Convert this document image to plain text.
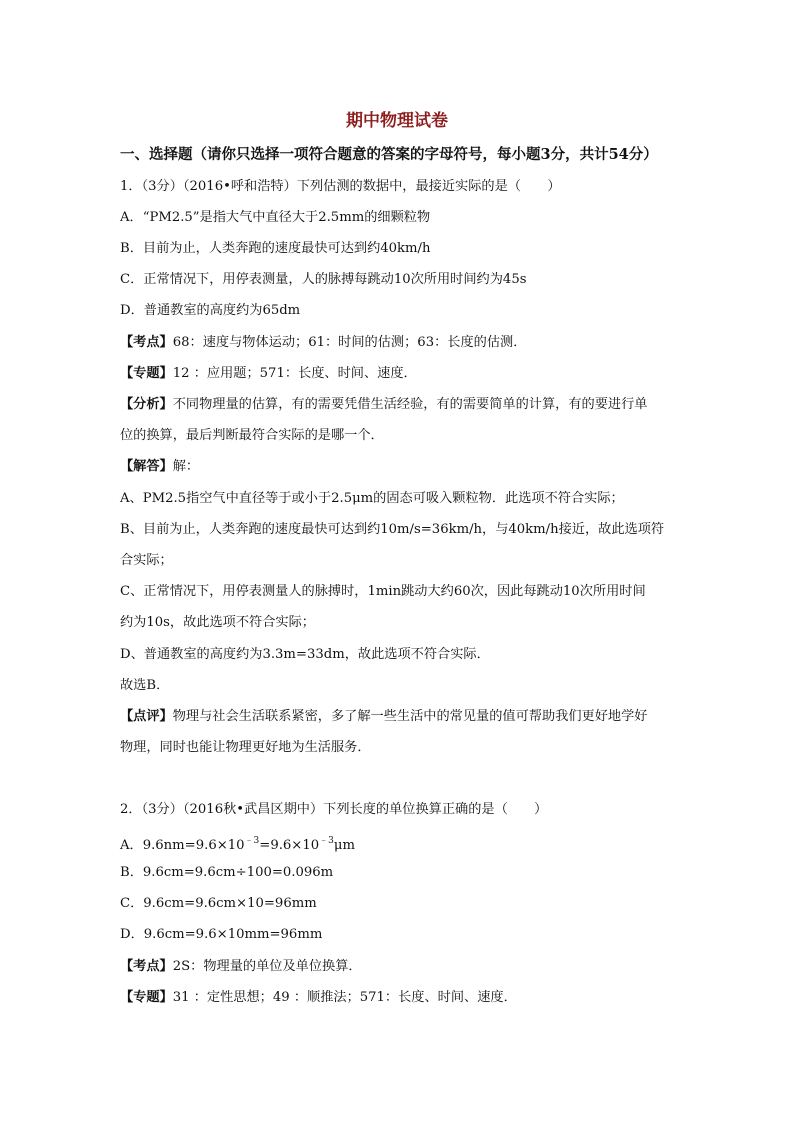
期中物理试卷
一、选择题（请你只选择一项符合题意的答案的字母符号，每小题3分，共计54分）
1．（3分）（2016•呼和浩特）下列估测的数据中，最接近实际的是（　　）
A．“PM2.5”是指大气中直径大于2.5mm的细颗粒物
B．目前为止，人类奔跑的速度最快可达到约40km/h
C．正常情况下，用停表测量，人的脉搏每跳动10次所用时间约为45s
D．普通教室的高度约为65dm
【考点】68：速度与物体运动；61：时间的估测；63：长度的估测．
【专题】12 ：应用题；571：长度、时间、速度．
【分析】不同物理量的估算，有的需要凭借生活经验，有的需要简单的计算，有的要进行单
位的换算，最后判断最符合实际的是哪一个．
【解答】解：
A、PM2.5指空气中直径等于或小于2.5μm的固态可吸入颗粒物．此选项不符合实际；
B、目前为止，人类奔跑的速度最快可达到约10m/s=36km/h，与40km/h接近，故此选项符
合实际；
C、正常情况下，用停表测量人的脉搏时，1min跳动大约60次，因此每跳动10次所用时间
约为10s，故此选项不符合实际；
D、普通教室的高度约为3.3m=33dm，故此选项不符合实际．
故选B．
【点评】物理与社会生活联系紧密，多了解一些生活中的常见量的值可帮助我们更好地学好
物理，同时也能让物理更好地为生活服务．
2．（3分）（2016秋•武昌区期中）下列长度的单位换算正确的是（　　）
A．$9.6nm=9.6\times 10^{﹣3}=9.6\times 10^{﹣3}\mu m$
B．9.6cm=9.6cm÷100=0.096m
C．9.6cm=9.6cm×10=96mm
D．9.6cm=9.6×10mm=96mm
【考点】2S：物理量的单位及单位换算．
【专题】31 ：定性思想；49 ：顺推法；571：长度、时间、速度．
